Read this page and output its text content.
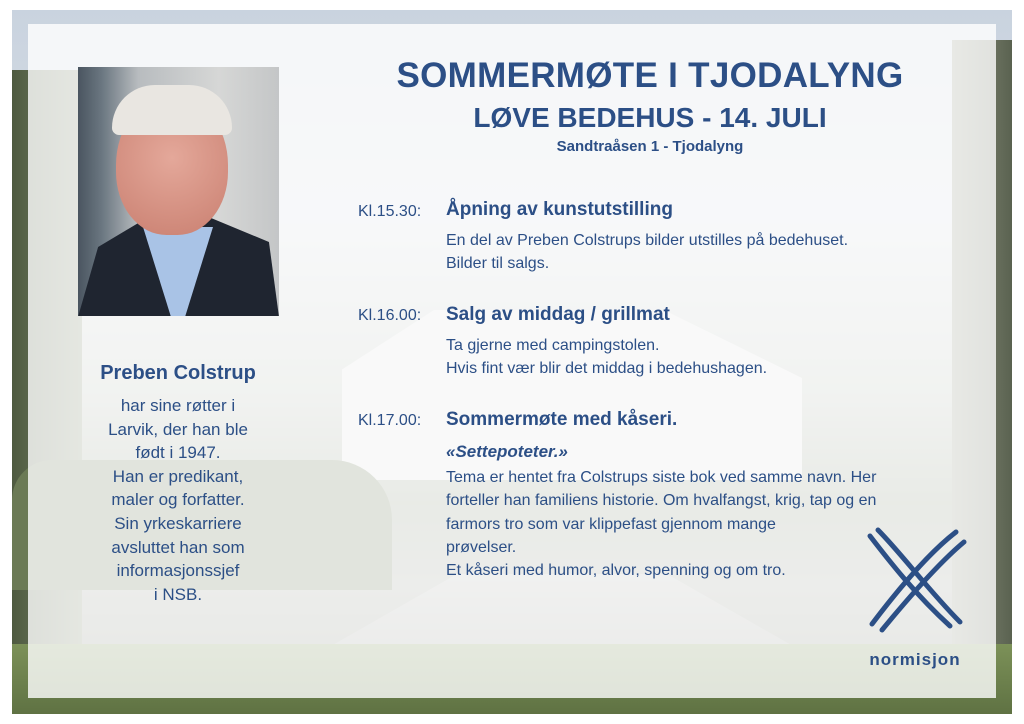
Preben Colstrup
har sine røtter i
Larvik, der han ble
født i 1947.
Han er predikant,
maler og forfatter.
Sin yrkeskarriere
avsluttet han som
informasjonssjef
i NSB.
SOMMERMØTE I TJODALYNG
LØVE BEDEHUS - 14. JULI
Sandtraåsen 1 - Tjodalyng
Kl.15.30: Åpning av kunstutstilling
En del av Preben Colstrups bilder utstilles på bedehuset.
Bilder til salgs.
Kl.16.00: Salg av middag / grillmat
Ta gjerne med campingstolen.
Hvis fint vær blir det middag i bedehushagen.
Kl.17.00: Sommermøte med kåseri.
«Settepoteter.»
Tema er hentet fra Colstrups siste bok ved samme navn. Her
forteller han familiens historie. Om hvalfangst, krig, tap og en
farmors tro som var klippefast gjennom mange
prøvelser.
Et kåseri med humor, alvor, spenning og om tro.
normisjon
